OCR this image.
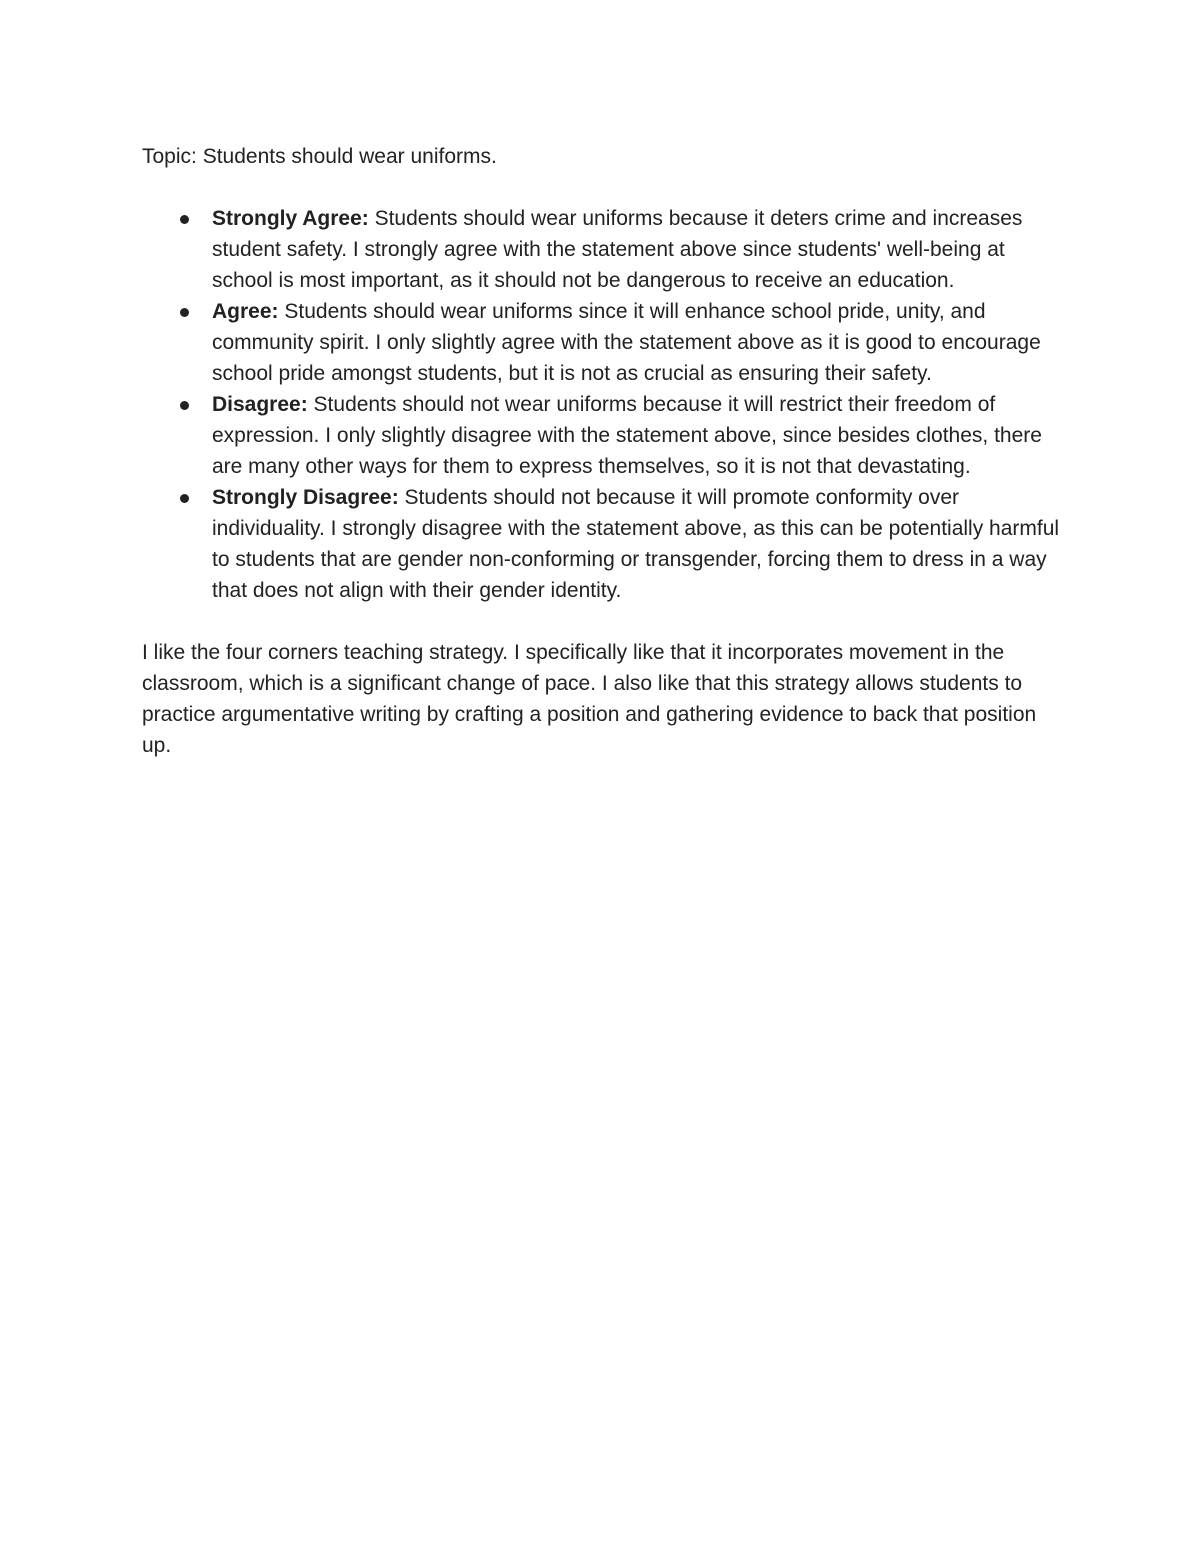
Topic: Students should wear uniforms.

Strongly Agree: Students should wear uniforms because it deters crime and increases student safety. I strongly agree with the statement above since students' well-being at school is most important, as it should not be dangerous to receive an education.
Agree: Students should wear uniforms since it will enhance school pride, unity, and community spirit. I only slightly agree with the statement above as it is good to encourage school pride amongst students, but it is not as crucial as ensuring their safety.
Disagree: Students should not wear uniforms because it will restrict their freedom of expression. I only slightly disagree with the statement above, since besides clothes, there are many other ways for them to express themselves, so it is not that devastating.
Strongly Disagree: Students should not because it will promote conformity over individuality. I strongly disagree with the statement above, as this can be potentially harmful to students that are gender non-conforming or transgender, forcing them to dress in a way that does not align with their gender identity.

I like the four corners teaching strategy. I specifically like that it incorporates movement in the classroom, which is a significant change of pace. I also like that this strategy allows students to practice argumentative writing by crafting a position and gathering evidence to back that position up.
